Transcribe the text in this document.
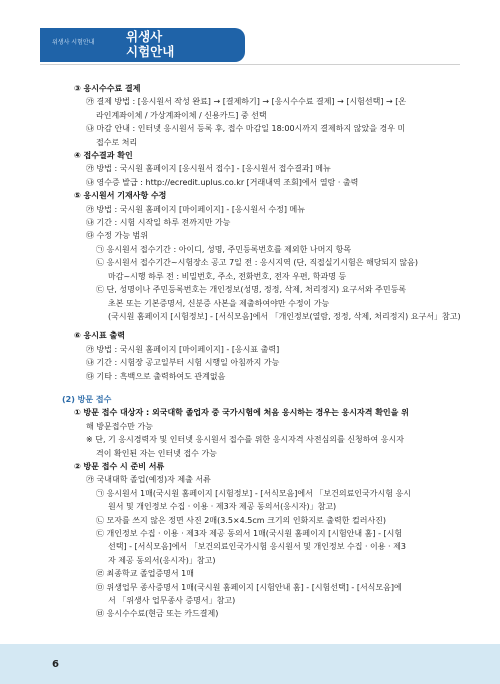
위생사 시험안내	위생사
시험안내
③ 응시수수료 결제
㉮ 결제 방법 : [응시원서 작성 완료] → [결제하기] → [응시수수료 결제] → [시험선택] → [온
라인계좌이체 / 가상계좌이체 / 신용카드] 중 선택
㉯ 마감 안내 : 인터넷 응시원서 등록 후, 접수 마감일 18:00시까지 결제하지 않았을 경우 미
접수로 처리
④ 접수결과 확인
㉮ 방법 : 국시원 홈페이지 [응시원서 접수] - [응시원서 접수결과] 메뉴
㉯ 영수증 발급 : http://ecredit.uplus.co.kr [거래내역 조회]에서 열람 · 출력
⑤ 응시원서 기재사항 수정
㉮ 방법 : 국시원 홈페이지 [마이페이지] - [응시원서 수정] 메뉴
㉯ 기간 : 시험 시작일 하루 전까지만 가능
㉰ 수정 가능 범위
㉠ 응시원서 접수기간 : 아이디, 성명, 주민등록번호를 제외한 나머지 항목
㉡ 응시원서 접수기간~시험장소 공고 7일 전 : 응시지역 (단, 직접실기시험은 해당되지 않음)
마감~시행 하루 전 : 비밀번호, 주소, 전화번호, 전자 우편, 학과명 등
㉢ 단, 성명이나 주민등록번호는 개인정보(성명, 정정, 삭제, 처리정지) 요구서와 주민등록
초본 또는 기본증명서, 신분증 사본을 제출하여야만 수정이 가능
(국시원 홈페이지 [시험정보] - [서식모음]에서 「개인정보(열람, 정정, 삭제, 처리정지) 요구서」참고)
⑥ 응시표 출력
㉮ 방법 : 국시원 홈페이지 [마이페이지] - [응시표 출력]
㉯ 기간 : 시험장 공고일부터 시험 시행일 아침까지 가능
㉰ 기타 : 흑백으로 출력하여도 관계없음
(2) 방문 접수
① 방문 접수 대상자 : 외국대학 졸업자 중 국가시험에 처음 응시하는 경우는 응시자격 확인을 위
해 방문접수만 가능
※ 단, 기 응시경력자 및 인터넷 응시원서 접수를 위한 응시자격 사전심의를 신청하여 응시자
격이 확인된 자는 인터넷 접수 가능
② 방문 접수 시 준비 서류
㉮ 국내대학 졸업(예정)자 제출 서류
㉠ 응시원서 1매(국시원 홈페이지 [시험정보] - [서식모음]에서 「보건의료인국가시험 응시
원서 및 개인정보 수집 · 이용 · 제3자 제공 동의서(응시자)」참고)
㉡ 모자를 쓰지 않은 정면 사진 2매(3.5×4.5cm 크기의 인화지로 출력한 컬러사진)
㉢ 개인정보 수집 · 이용 · 제3자 제공 동의서 1매(국시원 홈페이지 [시험안내 홈] - [시험
선택] - [서식모음]에서 「보건의료인국가시험 응시원서 및 개인정보 수집 · 이용 · 제3
자 제공 동의서(응시자)」참고)
㉣ 최종학교 졸업증명서 1매
㉤ 위생업무 종사증명서 1매(국시원 홈페이지 [시험안내 홈] - [시험선택] - [서식모음]에
서 「위생사 업무종사 증명서」참고)
㉥ 응시수수료(현금 또는 카드결제)
6
